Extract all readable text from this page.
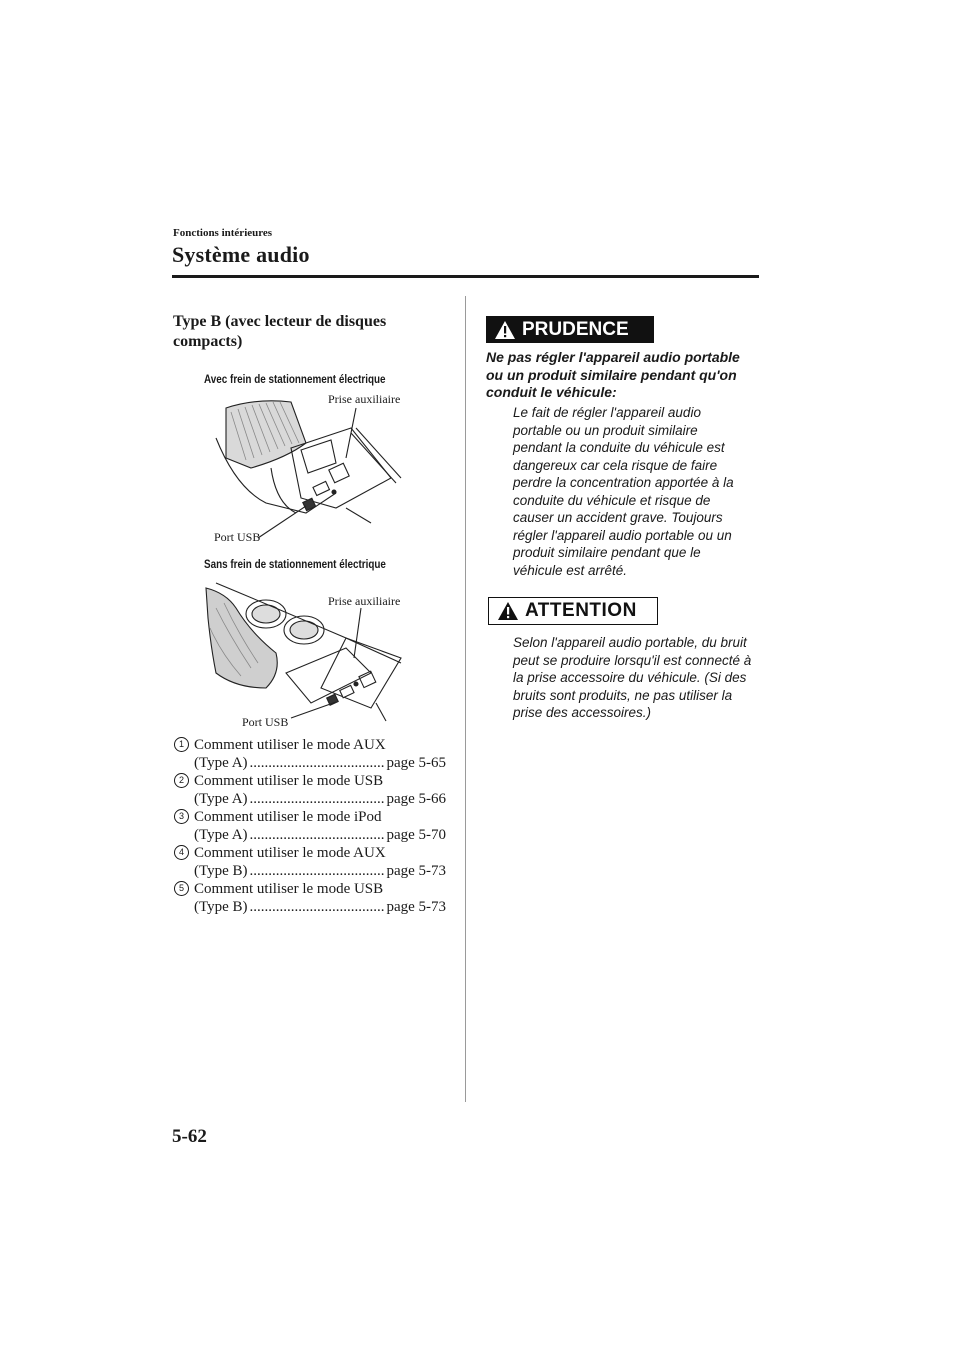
Fonctions intérieures
Système audio
Type B (avec lecteur de disques compacts)
Avec frein de stationnement électrique
Prise auxiliaire
Port USB
Sans frein de stationnement électrique
Prise auxiliaire
Port USB
1 Comment utiliser le mode AUX
(Type A) .....	page 5-65
2 Comment utiliser le mode USB
(Type A) .....	page 5-66
3 Comment utiliser le mode iPod
(Type A) .....	page 5-70
4 Comment utiliser le mode AUX
(Type B) .....	page 5-73
5 Comment utiliser le mode USB
(Type B) .....	page 5-73
PRUDENCE
Ne pas régler l'appareil audio portable ou un produit similaire pendant qu'on conduit le véhicule:
Le fait de régler l'appareil audio portable ou un produit similaire pendant la conduite du véhicule est dangereux car cela risque de faire perdre la concentration apportée à la conduite du véhicule et risque de causer un accident grave. Toujours régler l'appareil audio portable ou un produit similaire pendant que le véhicule est arrêté.
ATTENTION
Selon l'appareil audio portable, du bruit peut se produire lorsqu'il est connecté à la prise accessoire du véhicule. (Si des bruits sont produits, ne pas utiliser la prise des accessoires.)
5-62
